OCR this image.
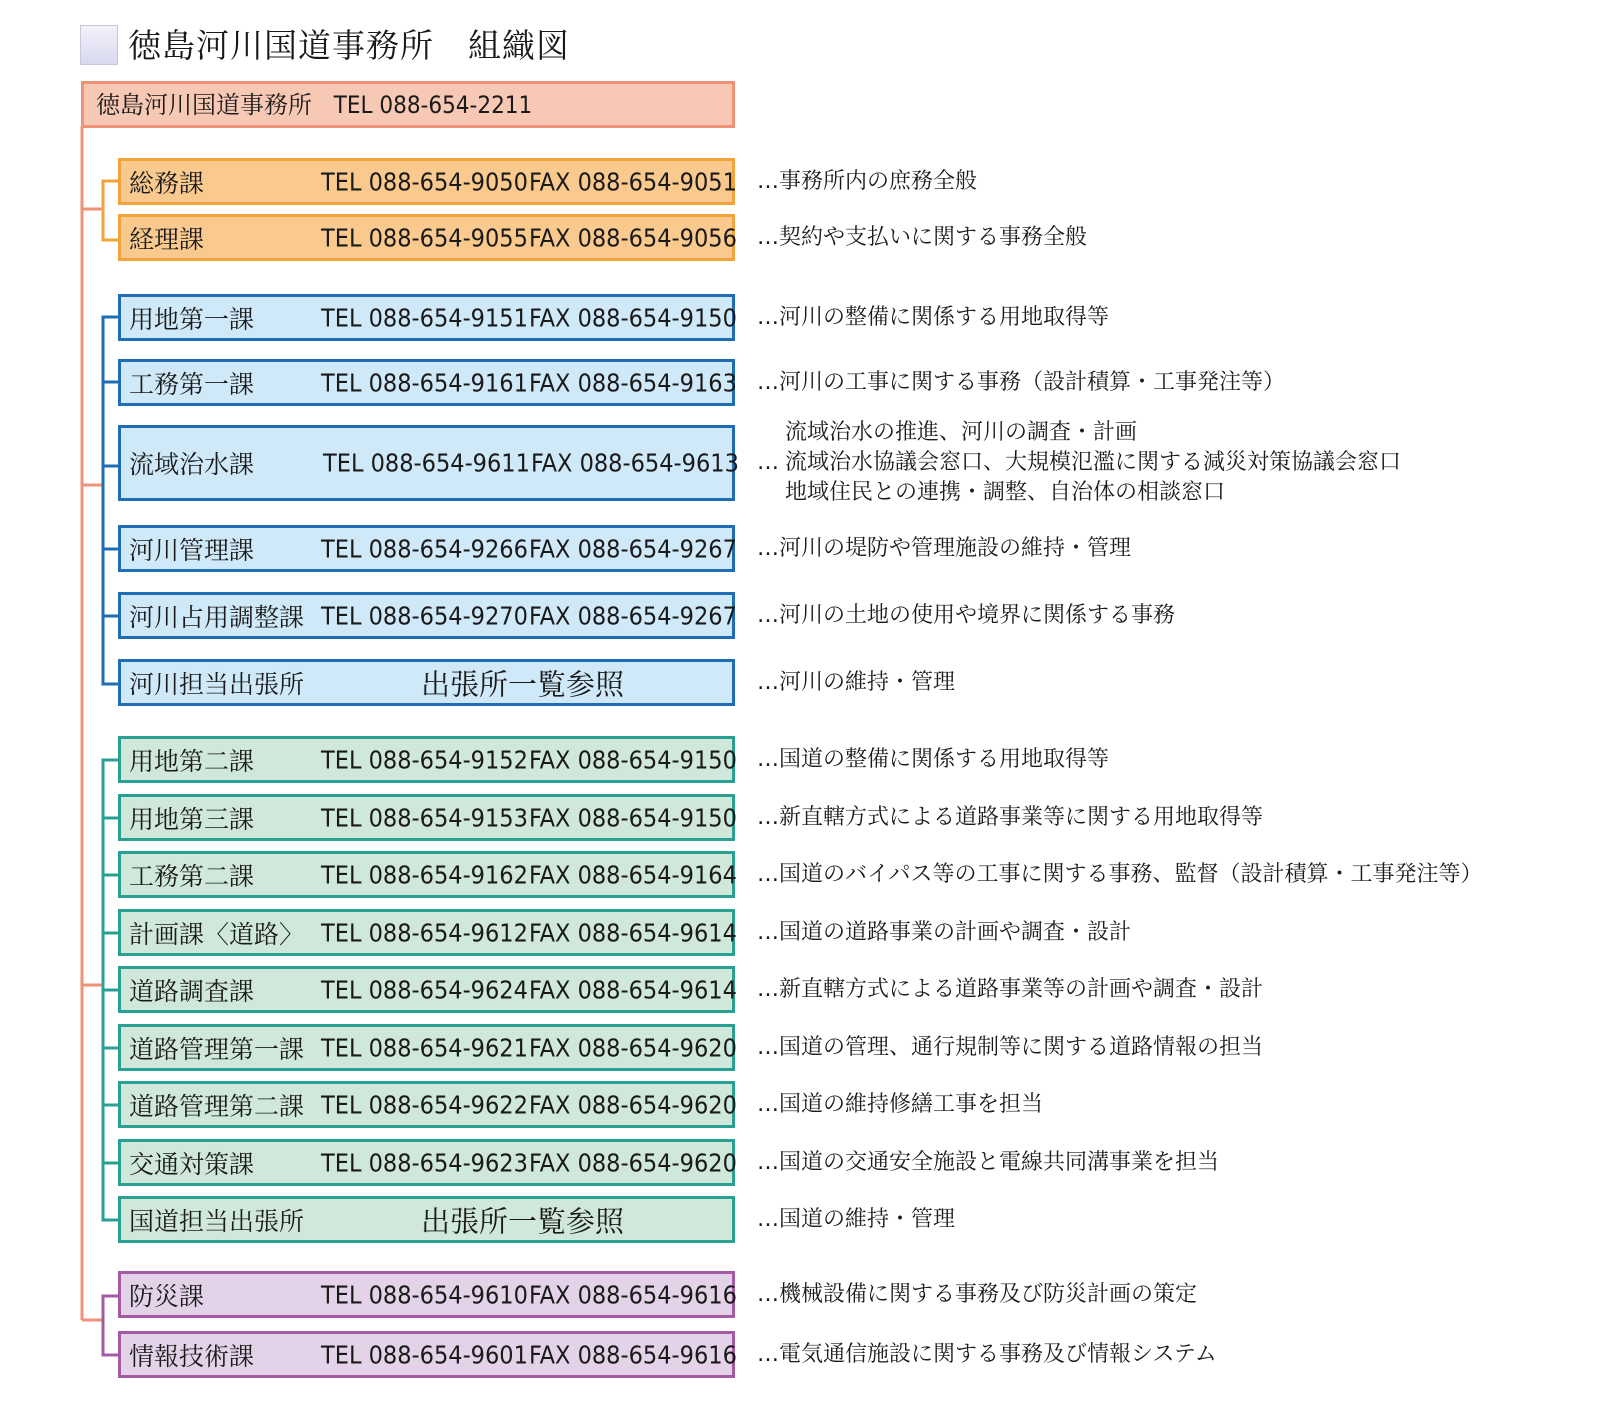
徳島河川国道事務所　組織図
徳島河川国道事務所 TEL 088-654-2211
総務課	TEL 088-654-9050 FAX 088-654-9051 …事務所内の庶務全般
経理課	TEL 088-654-9055 FAX 088-654-9056 …契約や支払いに関する事務全般
用地第一課	TEL 088-654-9151 FAX 088-654-9150 …河川の整備に関係する用地取得等
工務第一課	TEL 088-654-9161 FAX 088-654-9163 …河川の工事に関する事務（設計積算・工事発注等）
流域治水課	TEL 088-654-9611 FAX 088-654-9613 …
流域治水の推進、河川の調査・計画
流域治水協議会窓口、大規模氾濫に関する減災対策協議会窓口
地域住民との連携・調整、自治体の相談窓口
河川管理課	TEL 088-654-9266 FAX 088-654-9267 …河川の堤防や管理施設の維持・管理
河川占用調整課 TEL 088-654-9270 FAX 088-654-9267 …河川の土地の使用や境界に関係する事務
河川担当出張所	出張所一覧参照	…河川の維持・管理
用地第二課	TEL 088-654-9152 FAX 088-654-9150 …国道の整備に関係する用地取得等
用地第三課	TEL 088-654-9153 FAX 088-654-9150 …新直轄方式による道路事業等に関する用地取得等
工務第二課	TEL 088-654-9162 FAX 088-654-9164 …国道のバイパス等の工事に関する事務、監督（設計積算・工事発注等）
計画課〈道路〉 TEL 088-654-9612 FAX 088-654-9614 …国道の道路事業の計画や調査・設計
道路調査課	TEL 088-654-9624 FAX 088-654-9614 …新直轄方式による道路事業等の計画や調査・設計
道路管理第一課 TEL 088-654-9621 FAX 088-654-9620 …国道の管理、通行規制等に関する道路情報の担当
道路管理第二課 TEL 088-654-9622 FAX 088-654-9620 …国道の維持修繕工事を担当
交通対策課	TEL 088-654-9623 FAX 088-654-9620 …国道の交通安全施設と電線共同溝事業を担当
国道担当出張所	出張所一覧参照	…国道の維持・管理
防災課	TEL 088-654-9610 FAX 088-654-9616 …機械設備に関する事務及び防災計画の策定
情報技術課	TEL 088-654-9601 FAX 088-654-9616 …電気通信施設に関する事務及び情報システム
